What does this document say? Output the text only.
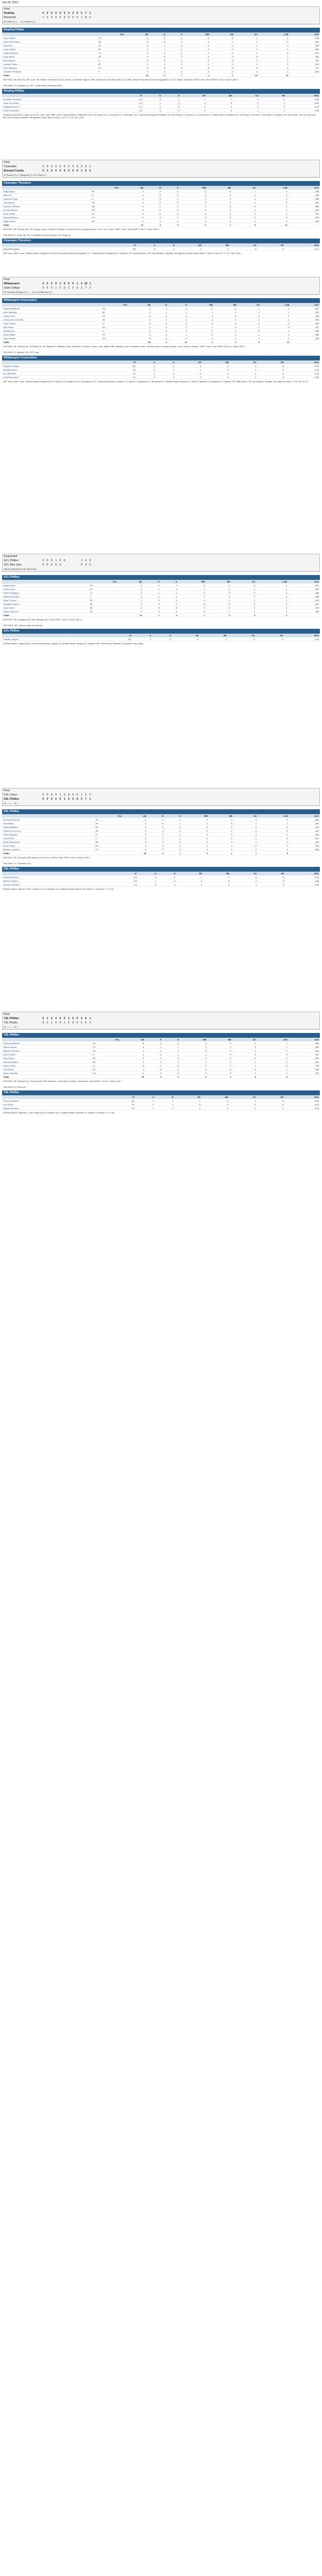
July 05, 2012
Final
Reading	0 0 0 0 0 0 0 2 0 2 7 1
Richmond	1 0 0 0 0 0 0 0 0 1 8 0
W: Hiller (?). L: ... Sv: Aumont (?).
Reading Phillies
	Pos	AB	R	H	RBI	BB	SO	LOB	AVG
Tyson Gillies	CF	4	0	1	0	0	1	1	.294
Cesar Hernandez	2B	3	0	1	0	1	1	0	.296
Darin Ruf	1B	3	1	2	0	0	1	0	.309
Jiwan James	RF	4	1	1	1	0	1	1	.264
Cody Overbeck	LF	4	0	1	1	0	0	2	.270
Cody Asche	3B	4	0	0	0	0	2	2	.300
Rich Sigmon	C	4	0	1	0	0	1	1	.232
Leandro Castro	RF	3	0	0	0	0	1	0	.243
Troy Hanzawa	SS	3	0	0	0	0	0	2	.217
Jonathan Pettibone	P	2	0	0	0	0	2	1	.000
Totals		34	2	7	2	1	10	10	
BATTING: 2B: Ruf (20). HR: none. TB: Gillies, Hernandez, Ruf 2, James, Overbeck, Sigmon. RBI: James (41), Overbeck (30). 2-out RBI: James. Runners left in scoring position, 2 out: Castro, Hanzawa. GIDP: none. Team RISP: 2-for-9. Team LOB: 7.
FIELDING: E: Hanzawa (7). DP: 1 (Hernandez-Hanzawa-Ruf).
Reading Phillies
		IP	H	R	ER	BB	SO	HR	ERA
Jonathan Pettibone		6.0	6	1	1	1	4	0	3.56
Justin De Fratus		1.0	1	0	0	0	2	0	0.00
Phillippe Aumont		1.0	1	0	0	0	1	0	3.27
Frank Herrmann		1.0	0	0	0	0	1	0	2.45
Pettibone pitched to 1 batter in the 7th. WP: none. HBP: none. Pitches-strikes: Pettibone 93-60, De Fratus 15-11, Aumont 14-9, Herrmann 12-8. Groundouts-flyouts: Pettibone 8-5, De Fratus 0-1, Aumont 1-1, Herrmann 2-1. Batters faced: Pettibone 25, De Fratus 4, Aumont 4, Herrmann 3. Umpires: HP: Rob Drake. 1B: Tim Timmons. 3B: Chris Conroy. Weather: 88 degrees, clear. Wind: 6 mph, L to R. T: 2:31. Att: 7,213.
Final
Clearwater	0 0 0 0 0 0 0 0 0 0 5 1
Brevard County	0 1 0 0 0 0 0 0 X 1 6 0
W: Barrett (?). L: Musgrave (?). Sv: Rosa (?).
Clearwater Threshers
	Pos	AB	R	H	RBI	BB	SO	LOB	AVG
Kelly Dugan	RF	4	0	1	0	0	1	1	.235
Jake Fox	LF	4	0	0	0	0	2	2	.198
Cameron Rupp	C	4	0	1	0	0	1	1	.258
Jim Murphy	1B	3	0	0	0	1	1	2	.251
Cameron Perkins	3B	4	0	2	0	0	0	1	.285
Jeremy Barnes	DH	3	0	0	0	0	1	1	.232
Kevin Walter	CF	3	0	0	0	0	2	1	.211
Harold Martinez	SS	3	0	1	0	0	0	0	.233
Edgar Duran	2B	3	0	0	0	0	1	2	.248
Totals		31	0	5	0	1	9	11	
BATTING: 2B: Perkins (18). TB: Dugan, Rupp, Perkins 3, Martinez. Runners left in scoring position, 2 out: Fox, Duran. GIDP: none. Team RISP: 0-for-5. Team LOB: 6.
FIELDING: E: Duran (9). DP: 1 (Martinez-Duran-Murphy). PB: Rupp (4).
Clearwater Threshers
		IP	H	R	ER	BB	SO	HR	ERA
Harold Musgrave		8.0	6	1	1	2	6	0	3.12
WP: none. HBP: none. Pitches-strikes: Musgrave 104-68. Groundouts-flyouts: Musgrave 11-7. Batters faced: Musgrave 31. Umpires: HP: Ryan Blakney. 1B: Chad Whitson. Weather: 86 degrees, partly cloudy. Wind: 7 mph, In from CF. T: 2:17. Att: 1,904.
Final
Williamsport	0 0 2 0 1 0 0 0 1 4 10 1
State College	0 0 0 1 0 0 1 0 0 2 7 2
W: Nicholas Hanson (?). L: ... Sv: Lino Martinez (?).
Williamsport Crosscutters
	Pos	AB	R	H	RBI	BB	SO	LOB	AVG
Stephen Malcolm	SS	5	1	2	0	0	1	1	.287
Mitch Walding	3B	4	1	1	1	0	2	1	.220
Carlos Tocci	CF	4	0	1	1	0	1	2	.245
Christopher Serritella	2B	4	1	2	1	0	0	1	.305
Larry Greene	LF	4	0	1	0	0	2	2	.234
Kyle Hume	1B	4	0	1	1	0	1	0	.211
Gabriel Lino	C	3	0	1	0	1	0	1	.256
Kevin Walter	RF	4	1	1	0	0	1	2	.236
Tyler Greene	DH	3	0	0	0	1	1	2	.198
Totals		35	4	10	4	2	9	12	
BATTING: 2B: Malcolm (6), Serritella (4). TB: Malcolm 3, Walding, Tocci, Serritella 3, Greene, Hume, Lino, Walter. RBI: Walding, Tocci, Serritella, Hume. Runners left in scoring position, 2 out: Greene, Greene. GIDP: none. Team RISP: 3-for-11. Team LOB: 8.
FIELDING: E: Malcolm (11). DP: none.
Williamsport Crosscutters
		IP	H	R	ER	BB	SO	HR	ERA
Nicholas Hanson		5.0	4	1	1	2	3	0	2.81
Matthew Hans		2.0	2	1	1	0	2	0	4.10
Lino Martinez		1.0	1	0	0	0	1	0	1.93
Geoff Broussard		1.0	0	0	0	0	2	0	3.38
WP: Hans. HBP: none. Pitches-strikes: Hanson 82-51, Hans 31-19, Martinez 14-9, Broussard 12-9. Groundouts-flyouts: Hanson 7-4, Hans 2-1, Martinez 1-1, Broussard 1-0. Batters faced: Hanson 21, Hans 9, Martinez 4, Broussard 3. Umpires: HP: Matt Moore. 1B: Jon Saphire. Weather: 80 degrees, clear. T: 2:41. Att: 3,271.
Suspended
GCL Phillies	0 0 0 1 0 0	1 4 0
GCL Blue Jays	0 0 0 0 0	0 4 0
Game suspended in the 6th inning.
GCL Phillies
	Pos	AB	R	H	RBI	BB	SO	LOB	AVG
Angelo Mora	SS	3	0	1	0	0	0	1	.312
Carlos Tocci	CF	3	0	0	0	0	1	1	.250
Herlis Rodriguez	LF	3	1	1	0	0	0	0	.265
Willians Astudillo	C	2	0	1	1	0	0	0	.298
Dylan Cozens	RF	2	0	0	0	0	1	1	.222
Jonathan Garcia	1B	2	0	1	0	0	0	0	.241
Zach Green	3B	2	0	0	0	0	2	1	.209
Carlos Valencia	2B	2	0	0	0	0	1	0	.195
Totals		19	1	4	1	0	5	4	
BATTING: 2B: Rodriguez (5). RBI: Astudillo (12). Team RISP: 1-for-3. Team LOB: 3.
FIELDING: DP: 1 (Mora-Valencia-Garcia).
GCL Phillies
		IP	H	R	ER	BB	SO	HR	ERA
Franklin Vargas		5.0	4	0	0	1	4	0	1.63
Pitches-strikes: Vargas 68-44. Groundouts-flyouts: Vargas 6-4. Batters faced: Vargas 19. Umpires: HP: Jeff Morrow. Weather: 90 degrees, rain delay.
Final
DSL Cubs1	0 0 0 0 1 0 0 0 0 1 5 2
DSL Phillies	0 2 0 0 0 1 0 0 X 3 7 1
W: ... L: ... Sv: ...
DSL Phillies
	Pos	AB	R	H	RBI	BB	SO	LOB	AVG
Emmanuel Serna	SS	4	1	2	0	0	0	1	.302
Oris Matos	2B	4	0	1	1	0	1	1	.244
Samuel Medina	RF	4	0	0	0	0	2	2	.233
Rafael De La Cruz	1B	3	1	1	1	1	0	0	.267
Pedro Miranda	LF	3	0	1	0	0	1	1	.254
Juan Perez	C	3	1	1	0	0	0	0	.221
Mario Crisostomo	3B	3	0	0	0	0	1	1	.199
Victor Torres	DH	3	0	1	1	0	0	0	.276
Marquin Caceres	CF	3	0	0	0	0	2	2	.208
Totals		30	3	7	3	1	7	8	
BATTING: 2B: Serna (8). RBI: Matos, De La Cruz, Torres. Team RISP: 3-for-8. Team LOB: 5.
FIELDING: E: Crisostomo (6).
DSL Phillies
		IP	H	R	ER	BB	SO	HR	ERA
Edubray Ramos		6.0	4	1	1	1	5	0	2.41
Alberto Cedeno		2.0	1	0	0	0	2	0	1.80
Gerardo Vazquez		1.0	0	0	0	0	1	0	0.00
Pitches-strikes: Ramos 79-52, Cedeno 24-16, Vazquez 11-8. Batters faced: Ramos 23, Cedeno 7, Vazquez 3. T: 2:22.
Final
VSL Phillies	0 1 0 3 0 0 1 0 0 5 9 1
VSL Pirates	0 0 1 0 0 1 0 0 0 2 6 3
W: ... L: ... Sv: ...
VSL Phillies
	Pos	AB	R	H	RBI	BB	SO	LOB	AVG
Gustavo Martinez	SS	5	1	2	1	0	1	1	.283
Wilson Garcia	CF	4	1	1	0	1	0	1	.255
Miguel Cervenka	1B	4	1	2	2	0	1	0	.318
Deivi Grullon	C	4	0	1	1	0	0	2	.241
Jose Pujols	RF	4	1	1	0	0	2	1	.226
Jan Hernandez	3B	4	0	1	1	0	1	2	.232
Carlos Duran	LF	3	1	0	0	1	1	0	.205
Yefri Perez	2B	4	0	1	0	0	0	1	.248
Andry Jaramillo	DH	4	0	0	0	0	2	1	.197
Totals		36	5	9	5	2	8	9	
BATTING: 2B: Martinez (7), Cervenka (9). RBI: Martinez, Cervenka 2, Grullon, Hernandez. Team RISP: 4-for-12. Team LOB: 7.
FIELDING: E: Perez (5).
VSL Phillies
		IP	H	R	ER	BB	SO	HR	ERA
Ramon Sanchez		5.0	4	1	1	2	4	0	2.95
Luis Rojas		2.0	1	1	0	0	2	0	3.12
Manuel Ordonez		2.0	1	0	0	0	3	0	1.42
Pitches-strikes: Sanchez 77-48, Rojas 28-18, Ordonez 24-17. Batters faced: Sanchez 21, Rojas 8, Ordonez 7. T: 2:36.
